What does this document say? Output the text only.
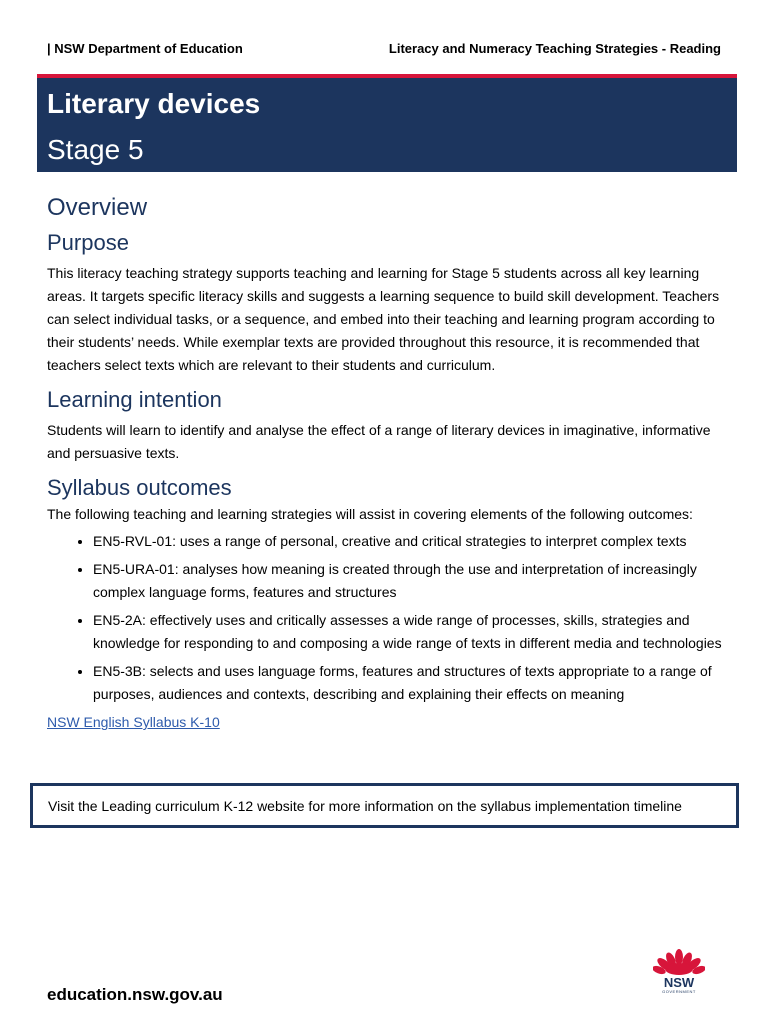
| NSW Department of Education	Literacy and Numeracy Teaching Strategies - Reading
Literary devices
Stage 5
Overview
Purpose

This literacy teaching strategy supports teaching and learning for Stage 5 students across all key learning areas. It targets specific literacy skills and suggests a learning sequence to build skill development. Teachers can select individual tasks, or a sequence, and embed into their teaching and learning program according to their students’ needs. While exemplar texts are provided throughout this resource, it is recommended that teachers select texts which are relevant to their students and curriculum.

Learning intention

Students will learn to identify and analyse the effect of a range of literary devices in imaginative, informative and persuasive texts.

Syllabus outcomes

The following teaching and learning strategies will assist in covering elements of the following outcomes:

• EN5-RVL-01: uses a range of personal, creative and critical strategies to interpret complex texts
• EN5-URA-01: analyses how meaning is created through the use and interpretation of increasingly complex language forms, features and structures
• EN5-2A: effectively uses and critically assesses a wide range of processes, skills, strategies and knowledge for responding to and composing a wide range of texts in different media and technologies
• EN5-3B: selects and uses language forms, features and structures of texts appropriate to a range of purposes, audiences and contexts, describing and explaining their effects on meaning
NSW English Syllabus K-10
Visit the Leading curriculum K-12 website for more information on the syllabus implementation timeline
education.nsw.gov.au
NSW
GOVERNMENT
